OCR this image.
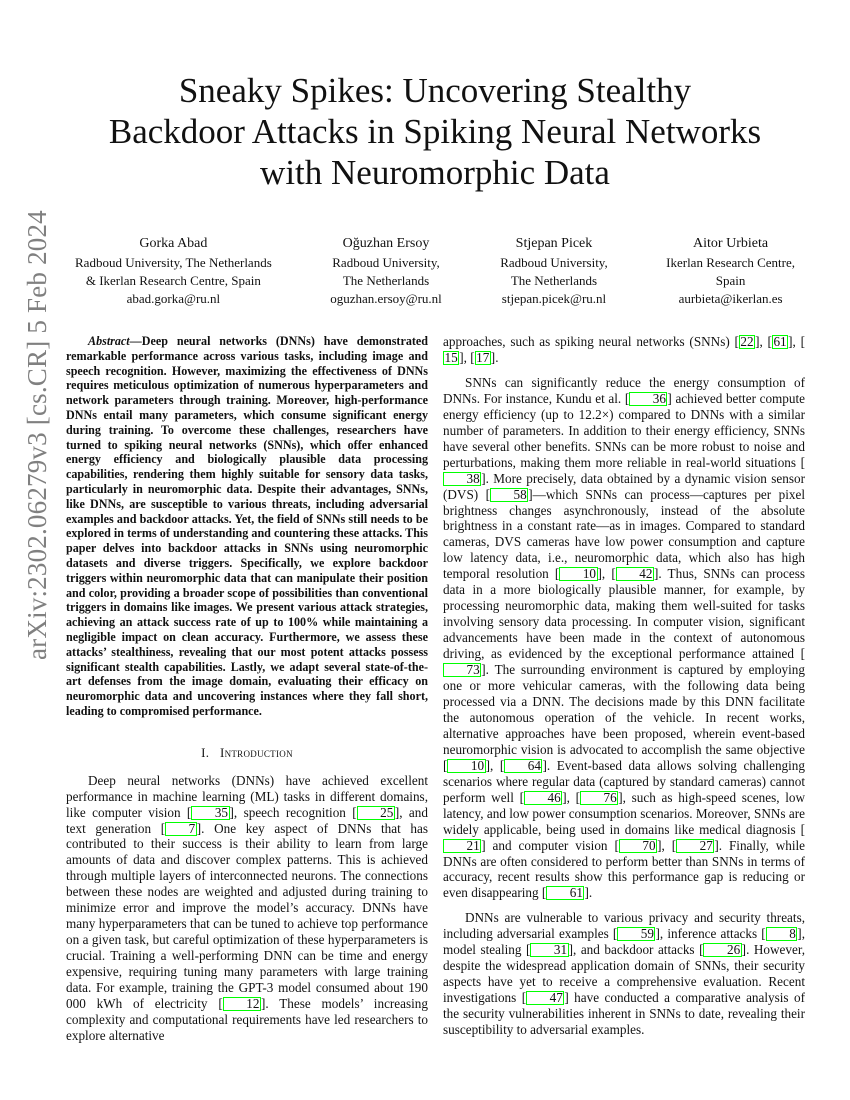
arXiv:2302.06279v3 [cs.CR] 5 Feb 2024
Sneaky Spikes: Uncovering Stealthy
Backdoor Attacks in Spiking Neural Networks
with Neuromorphic Data
Gorka Abad
Radboud University, The Netherlands
& Ikerlan Research Centre, Spain
abad.gorka@ru.nl
Oğuzhan Ersoy
Radboud University,
The Netherlands
oguzhan.ersoy@ru.nl
Stjepan Picek
Radboud University,
The Netherlands
stjepan.picek@ru.nl
Aitor Urbieta
Ikerlan Research Centre,
Spain
aurbieta@ikerlan.es

Abstract—Deep neural networks (DNNs) have demonstrated remarkable performance across various tasks, including image and speech recognition. However, maximizing the effectiveness of DNNs requires meticulous optimization of numerous hyperparameters and network parameters through training. Moreover, high-performance DNNs entail many parameters, which consume significant energy during training. To overcome these challenges, researchers have turned to spiking neural networks (SNNs), which offer enhanced energy efficiency and biologically plausible data processing capabilities, rendering them highly suitable for sensory data tasks, particularly in neuromorphic data. Despite their advantages, SNNs, like DNNs, are susceptible to various threats, including adversarial examples and backdoor attacks. Yet, the field of SNNs still needs to be explored in terms of understanding and countering these attacks. This paper delves into backdoor attacks in SNNs using neuromorphic datasets and diverse triggers. Specifically, we explore backdoor triggers within neuromorphic data that can manipulate their position and color, providing a broader scope of possibilities than conventional triggers in domains like images. We present various attack strategies, achieving an attack success rate of up to 100% while maintaining a negligible impact on clean accuracy. Furthermore, we assess these attacks’ stealthiness, revealing that our most potent attacks possess significant stealth capabilities. Lastly, we adapt several state-of-the-art defenses from the image domain, evaluating their efficacy on neuromorphic data and uncovering instances where they fall short, leading to compromised performance.

I. Introduction

Deep neural networks (DNNs) have achieved excellent performance in machine learning (ML) tasks in different domains, like computer vision [ 35 ], speech recognition [ 25 ], and text generation [ 7 ]. One key aspect of DNNs that has contributed to their success is their ability to learn from large amounts of data and discover complex patterns. This is achieved through multiple layers of interconnected neurons. The connections between these nodes are weighted and adjusted during training to minimize error and improve the model’s accuracy. DNNs have many hyperparameters that can be tuned to achieve top performance on a given task, but careful optimization of these hyperparameters is crucial. Training a well-performing DNN can be time and energy expensive, requiring tuning many parameters with large training data. For example, training the GPT-3 model consumed about 190 000 kWh of electricity [ 12 ]. These models’ increasing complexity and computational requirements have led researchers to explore alternative

approaches, such as spiking neural networks (SNNs) [ 22 ], [ 61 ], [15 ], [ 17 ].

SNNs can significantly reduce the energy consumption of DNNs. For instance, Kundu et al. [ 36 ] achieved better compute energy efficiency (up to 12.2×) compared to DNNs with a similar number of parameters. In addition to their energy efficiency, SNNs have several other benefits. SNNs can be more robust to noise and perturbations, making them more reliable in real-world situations [38 ]. More precisely, data obtained by a dynamic vision sensor (DVS) [ 58 ]—which SNNs can process—captures per pixel brightness changes asynchronously, instead of the absolute brightness in a constant rate—as in images. Compared to standard cameras, DVS cameras have low power consumption and capture low latency data, i.e., neuromorphic data, which also has high temporal resolution [ 10 ], [ 42 ]. Thus, SNNs can process data in a more biologically plausible manner, for example, by processing neuromorphic data, making them well-suited for tasks involving sensory data processing. In computer vision, significant advancements have been made in the context of autonomous driving, as evidenced by the exceptional performance attained [73 ]. The surrounding environment is captured by employing one or more vehicular cameras, with the following data being processed via a DNN. The decisions made by this DNN facilitate the autonomous operation of the vehicle. In recent works, alternative approaches have been proposed, wherein event-based neuromorphic vision is advocated to accomplish the same objective [ 10 ], [ 64 ]. Event-based data allows solving challenging scenarios where regular data (captured by standard cameras) cannot perform well [ 46 ], [ 76 ], such as high-speed scenes, low latency, and low power consumption scenarios. Moreover, SNNs are widely applicable, being used in domains like medical diagnosis [21 ] and computer vision [ 70 ], [ 27 ]. Finally, while DNNs are often considered to perform better than SNNs in terms of accuracy, recent results show this performance gap is reducing or even disappearing [ 61 ].

DNNs are vulnerable to various privacy and security threats, including adversarial examples [ 59 ], inference attacks [ 8 ], model stealing [ 31 ], and backdoor attacks [ 26 ]. However, despite the widespread application domain of SNNs, their security aspects have yet to receive a comprehensive evaluation. Recent investigations [ 47 ] have conducted a comparative analysis of the security vulnerabilities inherent in SNNs to date, revealing their susceptibility to adversarial examples.
